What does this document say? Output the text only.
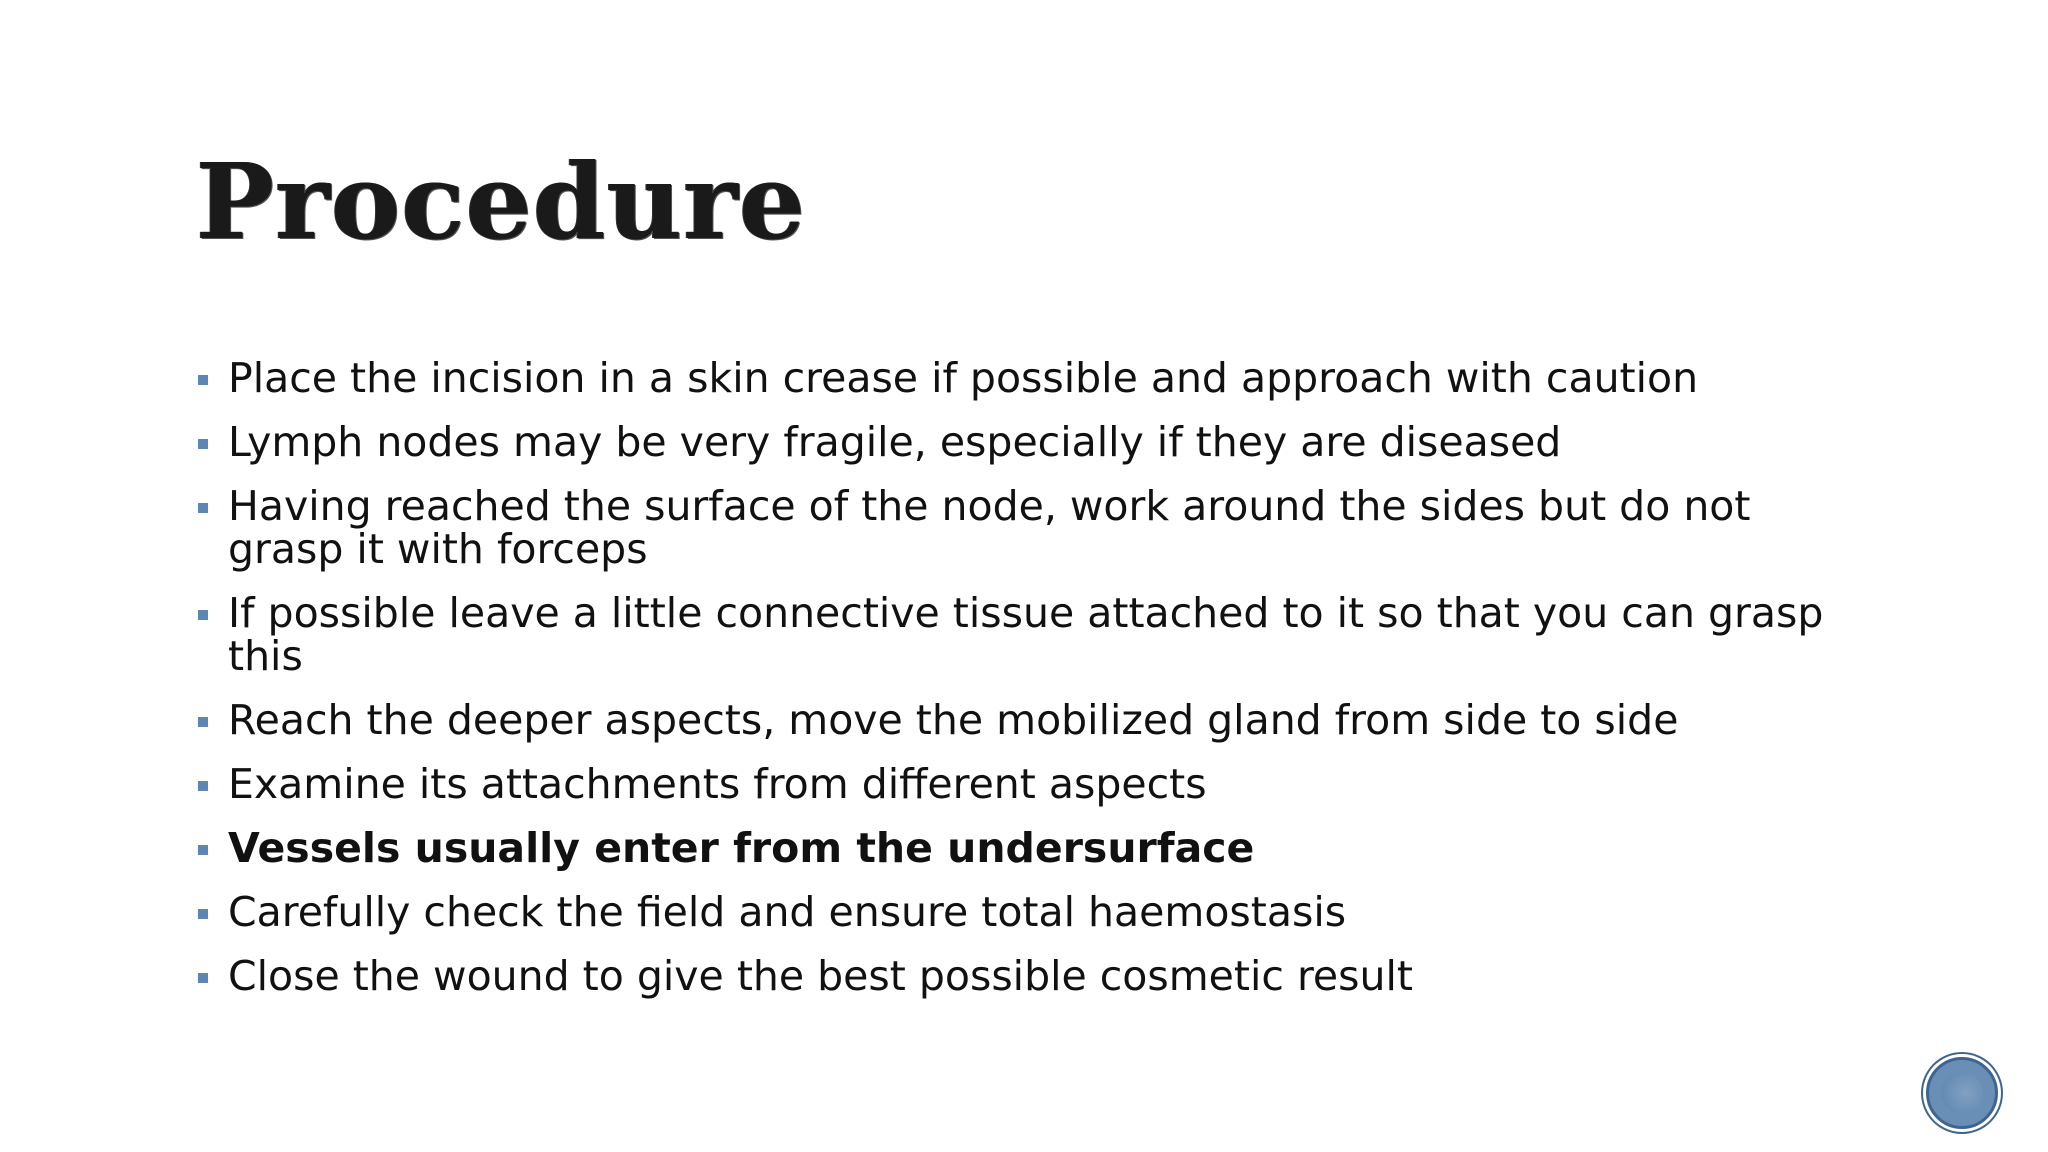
Procedure
Place the incision in a skin crease if possible and approach with caution
Lymph nodes may be very fragile, especially if they are diseased
Having reached the surface of the node, work around the sides but do not grasp it with forceps
If possible leave a little connective tissue attached to it so that you can grasp this
Reach the deeper aspects, move the mobilized gland from side to side
Examine its attachments from different aspects
Vessels usually enter from the undersurface
Carefully check the field and ensure total haemostasis
Close the wound to give the best possible cosmetic result
